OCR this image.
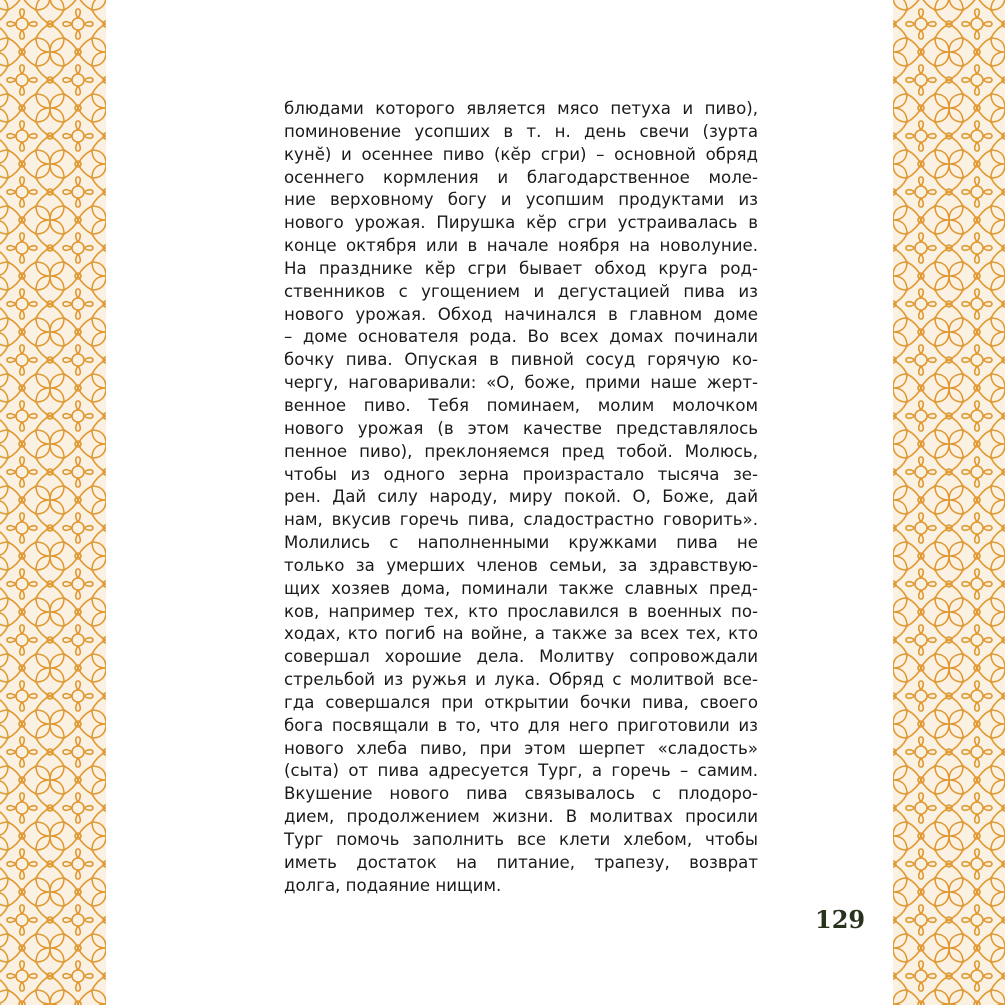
блюдами которого является мясо петуха и пиво),
поминовение усопших в т. н. день свечи (зурта
кунӗ) и осеннее пиво (кӗр сгри) – основной обряд
осеннего кормления и благодарственное моле-
ние верховному богу и усопшим продуктами из
нового урожая. Пирушка кӗр сгри устраивалась в
конце октября или в начале ноября на новолуние.
На празднике кӗр сгри бывает обход круга род-
ственников с угощением и дегустацией пива из
нового урожая. Обход начинался в главном доме
– доме основателя рода. Во всех домах починали
бочку пива. Опуская в пивной сосуд горячую ко-
чергу, наговаривали: «О, боже, прими наше жерт-
венное пиво. Тебя поминаем, молим молочком
нового урожая (в этом качестве представлялось
пенное пиво), преклоняемся пред тобой. Молюсь,
чтобы из одного зерна произрастало тысяча зе-
рен. Дай силу народу, миру покой. О, Боже, дай
нам, вкусив горечь пива, сладострастно говорить».
Молились с наполненными кружками пива не
только за умерших членов семьи, за здравствую-
щих хозяев дома, поминали также славных пред-
ков, например тех, кто прославился в военных по-
ходах, кто погиб на войне, а также за всех тех, кто
совершал хорошие дела. Молитву сопровождали
стрельбой из ружья и лука. Обряд с молитвой все-
гда совершался при открытии бочки пива, своего
бога посвящали в то, что для него приготовили из
нового хлеба пиво, при этом шерпет «сладость»
(сыта) от пива адресуется Тург, а горечь – самим.
Вкушение нового пива связывалось с плодоро-
дием, продолжением жизни. В молитвах просили
Тург помочь заполнить все клети хлебом, чтобы
иметь достаток на питание, трапезу, возврат
долга, подаяние нищим.
129
